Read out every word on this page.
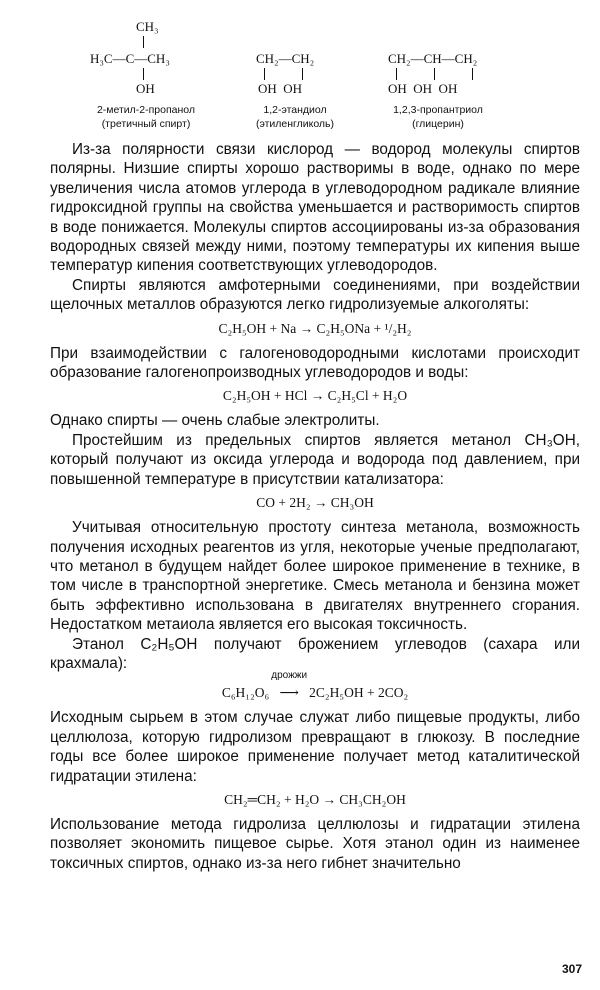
CH₃
H₃C—C—CH₃
OH
2-метил-2-пропанол
(третичный спирт)
CH₂—CH₂
OH  OH
1,2-этандиол
(этиленгликоль)
CH₂—CH—CH₂
OH  OH  OH
1,2,3-пропантриол
(глицерин)

Из-за полярности связи кислород — водород молекулы спиртов полярны. Низшие спирты хорошо растворимы в воде, однако по мере увеличения числа атомов углерода в углеводородном радикале влияние гидроксидной группы на свойства уменьшается и растворимость спиртов в воде понижается. Молекулы спиртов ассоциированы из-за образования водородных связей между ними, поэтому температуры их кипения выше температур кипения соответствующих углеводородов.

Спирты являются амфотерными соединениями, при воздействии щелочных металлов образуются легко гидролизуемые алкоголяты:

C₂H₅OH + Na → C₂H₅ONa + ¹/₂H₂

При взаимодействии с галогеноводородными кислотами происходит образование галогенопроизводных углеводородов и воды:

C₂H₅OH + HCl → C₂H₅Cl + H₂O

Однако спирты — очень слабые электролиты.

Простейшим из предельных спиртов является метанол CH₃OH, который получают из оксида углерода и водорода под давлением, при повышенной температуре в присутствии катализатора:

CO + 2H₂ → CH₃OH

Учитывая относительную простоту синтеза метанола, возможность получения исходных реагентов из угля, некоторые ученые предполагают, что метанол в будущем найдет более широкое применение в технике, в том числе в транспортной энергетике. Смесь метанола и бензина может быть эффективно использована в двигателях внутреннего сгорания. Недостатком метаиола является его высокая токсичность.

Этанол C₂H₅OH получают брожением углеводов (сахара или крахмала):

C₆H₁₂O₆
дрожжи
⟶ 2C₂H₅OH + 2CO₂

Исходным сырьем в этом случае служат либо пищевые продукты, либо целлюлоза, которую гидролизом превращают в глюкозу. В последние годы все более широкое применение получает метод каталитической гидратации этилена:

CH₂═CH₂ + H₂O → CH₃CH₂OH

Использование метода гидролиза целлюлозы и гидратации этилена позволяет экономить пищевое сырье. Хотя этанол один из наименее токсичных спиртов, однако из-за него гибнет значительно

307
